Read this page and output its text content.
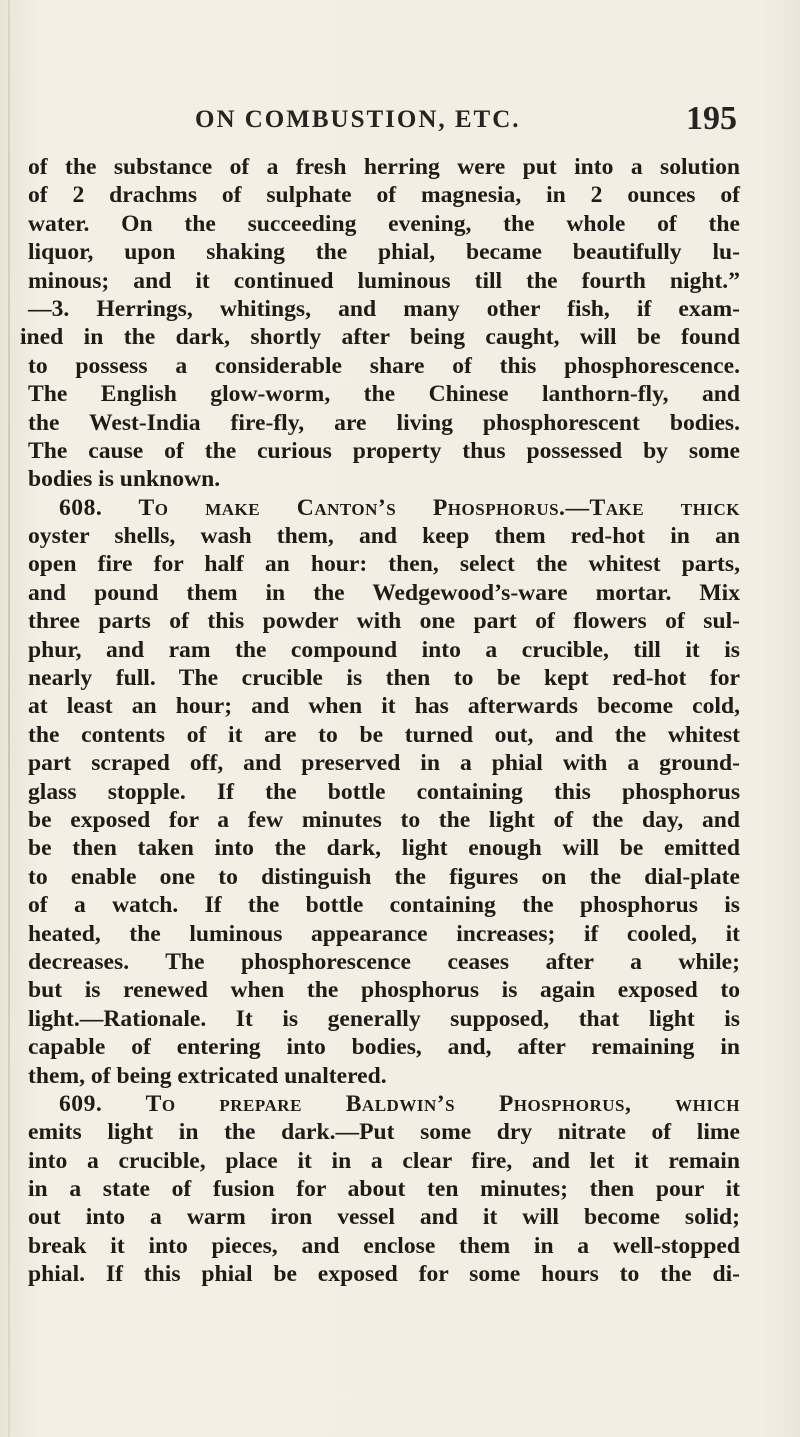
ON COMBUSTION, ETC.	195
of the substance of a fresh herring were put into a solution
of 2 drachms of sulphate of magnesia, in 2 ounces of
water. On the succeeding evening, the whole of the
liquor, upon shaking the phial, became beautifully lu-
minous; and it continued luminous till the fourth night.”
—3. Herrings, whitings, and many other fish, if exam-
ined in the dark, shortly after being caught, will be found
to possess a considerable share of this phosphorescence.
The English glow-worm, the Chinese lanthorn-fly, and
the West-India fire-fly, are living phosphorescent bodies.
The cause of the curious property thus possessed by some
bodies is unknown.
608. To make Canton’s Phosphorus.—Take thick
oyster shells, wash them, and keep them red-hot in an
open fire for half an hour: then, select the whitest parts,
and pound them in the Wedgewood’s-ware mortar. Mix
three parts of this powder with one part of flowers of sul-
phur, and ram the compound into a crucible, till it is
nearly full. The crucible is then to be kept red-hot for
at least an hour; and when it has afterwards become cold,
the contents of it are to be turned out, and the whitest
part scraped off, and preserved in a phial with a ground-
glass stopple. If the bottle containing this phosphorus
be exposed for a few minutes to the light of the day, and
be then taken into the dark, light enough will be emitted
to enable one to distinguish the figures on the dial-plate
of a watch. If the bottle containing the phosphorus is
heated, the luminous appearance increases; if cooled, it
decreases. The phosphorescence ceases after a while;
but is renewed when the phosphorus is again exposed to
light.—Rationale. It is generally supposed, that light is
capable of entering into bodies, and, after remaining in
them, of being extricated unaltered.
609. To prepare Baldwin’s Phosphorus, which
emits light in the dark.—Put some dry nitrate of lime
into a crucible, place it in a clear fire, and let it remain
in a state of fusion for about ten minutes; then pour it
out into a warm iron vessel and it will become solid;
break it into pieces, and enclose them in a well-stopped
phial. If this phial be exposed for some hours to the di-
